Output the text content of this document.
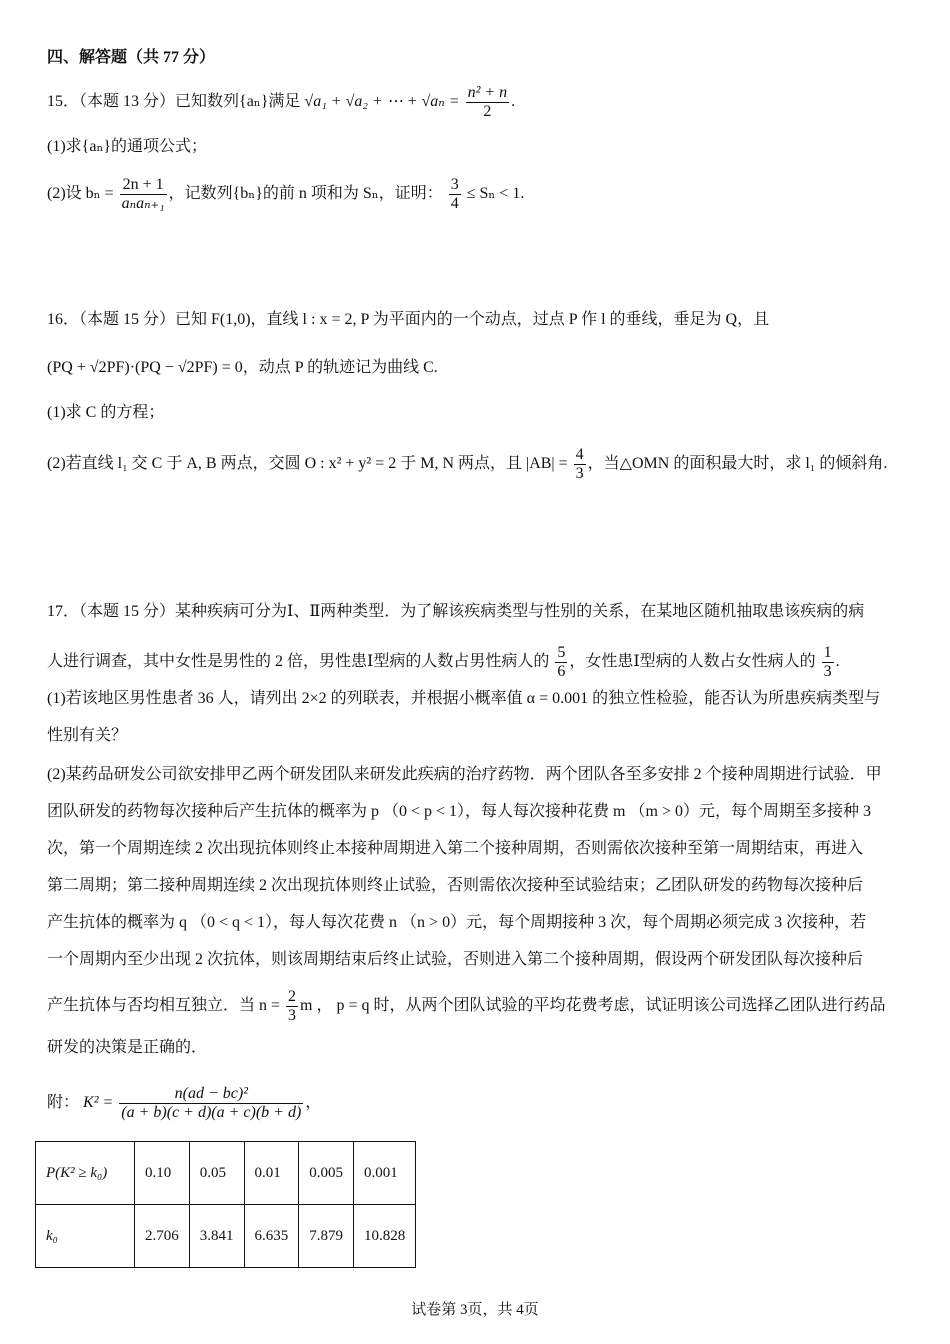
四、解答题（共 77 分）
15．（本题 13 分）已知数列{aₙ}满足 √a₁ + √a₂ + ⋯ + $√a_n = \frac{\text{n² + n}}{2}$ .
(1)求{aₙ}的通项公式；
(2)设 bₙ =
2n + 1
aₙaₙ₊₁
，记数列{bₙ}的前 n 项和为 Sₙ，证明： $\frac{3}{4} \le S_n < 1$.
16．（本题 15 分）已知 F(1,0)，直线 l : x = 2, P 为平面内的一个动点，过点 P 作 l 的垂线，垂足为 Q，且
(PQ + √2PF)·(PQ − √2PF) = 0，动点 P 的轨迹记为曲线 C.
(1)求 C 的方程；
(2)若直线 l₁ 交 C 于 A, B 两点，交圆 O : x² + y² = 2 于 M, N 两点，且 $|AB| = \frac{4}{3}$ ，当△OMN 的面积最大时，求 l₁ 的倾斜角.
17．（本题 15 分）某种疾病可分为Ⅰ、Ⅱ两种类型．为了解该疾病类型与性别的关系，在某地区随机抽取患该疾病的病
人进行调查，其中女性是男性的 2 倍，男性患Ⅰ型病的人数占男性病人的 $\frac{5}{6}$ ，女性患Ⅰ型病的人数占女性病人的 $\frac{1}{3}$ .
(1)若该地区男性患者 36 人，请列出 2×2 的列联表，并根据小概率值 α = 0.001 的独立性检验，能否认为所患疾病类型与
性别有关？
(2)某药品研发公司欲安排甲乙两个研发团队来研发此疾病的治疗药物．两个团队各至多安排 2 个接种周期进行试验．甲
团队研发的药物每次接种后产生抗体的概率为 p （0 < p < 1），每人每次接种花费 m （m > 0）元，每个周期至多接种 3
次，第一个周期连续 2 次出现抗体则终止本接种周期进入第二个接种周期，否则需依次接种至第一周期结束，再进入
第二周期；第二接种周期连续 2 次出现抗体则终止试验，否则需依次接种至试验结束；乙团队研发的药物每次接种后
产生抗体的概率为 q （0 < q < 1），每人每次花费 n （n > 0）元，每个周期接种 3 次，每个周期必须完成 3 次接种，若
一个周期内至少出现 2 次抗体，则该周期结束后终止试验，否则进入第二个接种周期，假设两个研发团队每次接种后
产生抗体与否均相互独立．当 $n = \frac{2}{3}$ m ， p = q 时，从两个团队试验的平均花费考虑，试证明该公司选择乙团队进行药品
研发的决策是正确的．
附： $K^2 = \frac{\text{n(ad − bc)²}}{(a + b)(c + d)(a + c)(b + d)}$ ，
P(K² ≥ k₀)	0.10	0.05	0.01	0.005	0.001
k₀	2.706	3.841	6.635	7.879	10.828
试卷第 3页，共 4页
